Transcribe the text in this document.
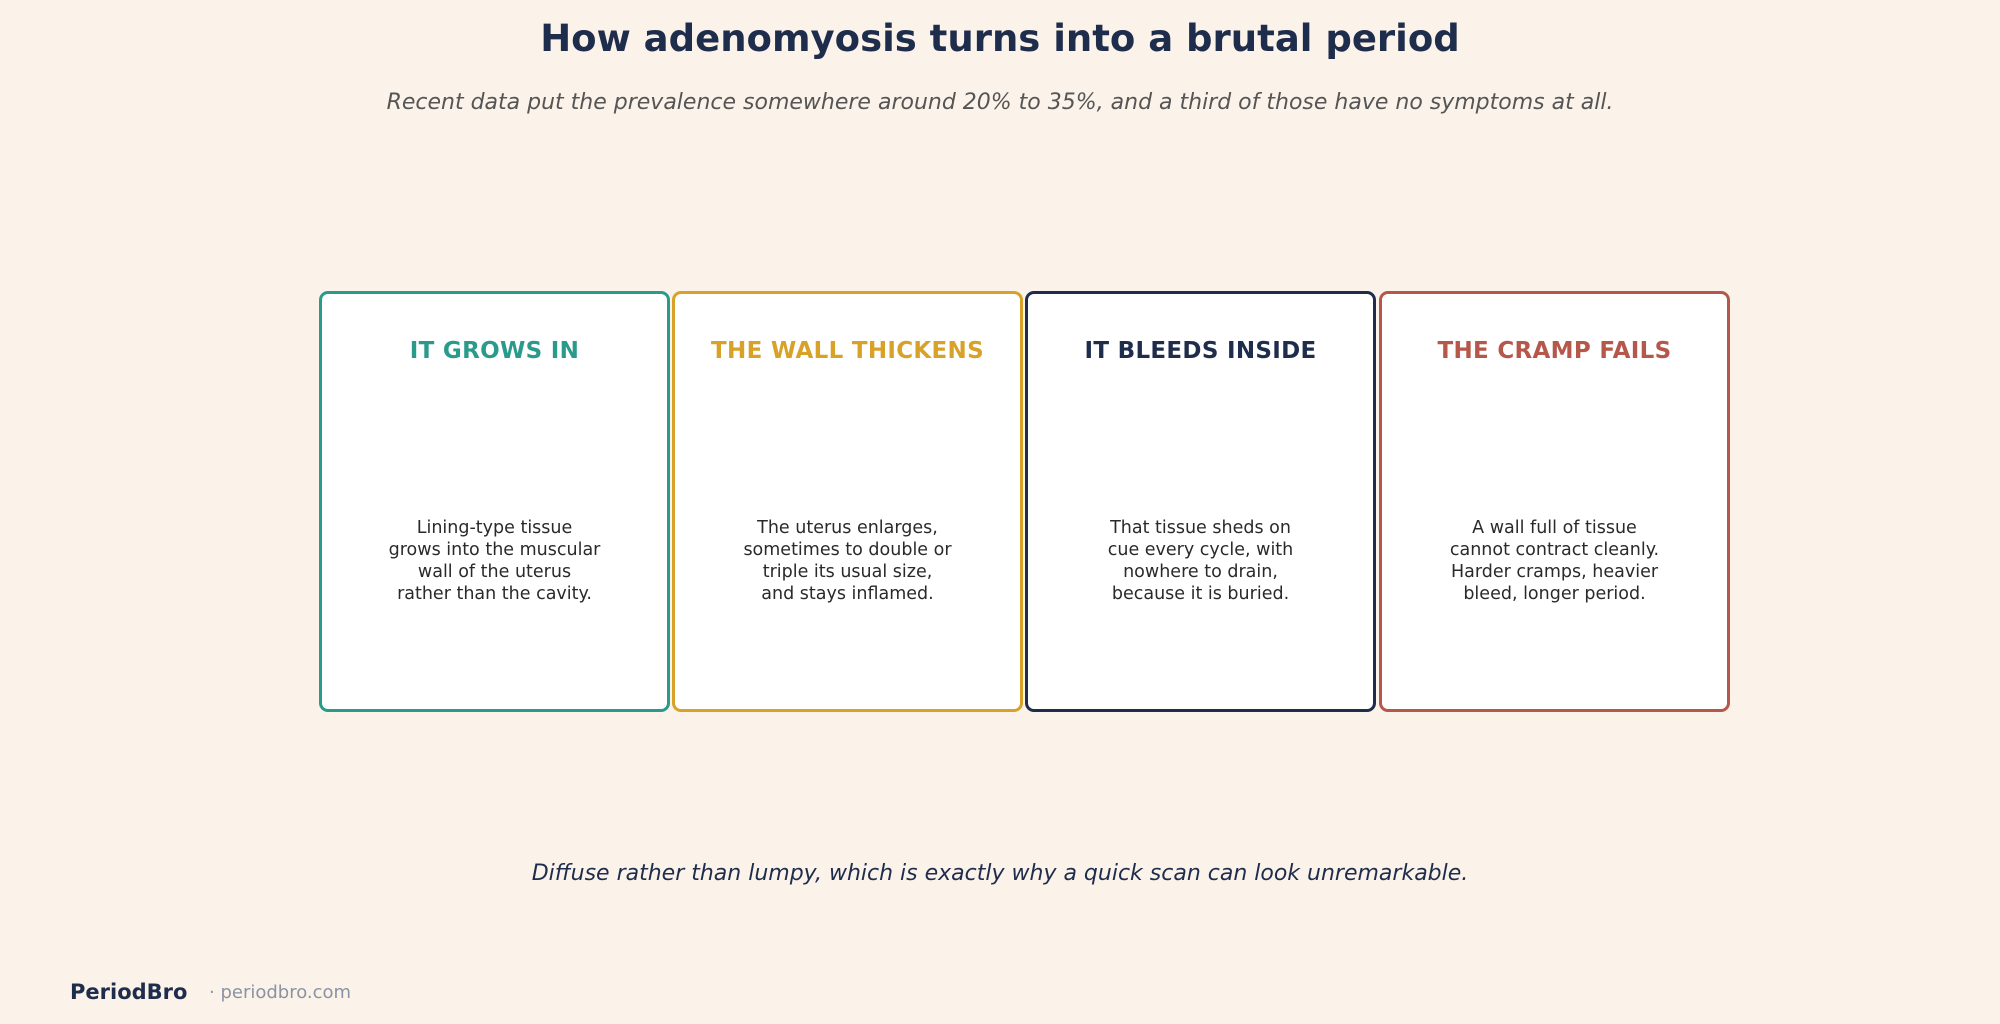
How adenomyosis turns into a brutal period

Recent data put the prevalence somewhere around 20% to 35%, and a third of those have no symptoms at all.

IT GROWS IN
Lining-type tissue
grows into the muscular
wall of the uterus
rather than the cavity.
THE WALL THICKENS
The uterus enlarges,
sometimes to double or
triple its usual size,
and stays inflamed.
IT BLEEDS INSIDE
That tissue sheds on
cue every cycle, with
nowhere to drain,
because it is buried.
THE CRAMP FAILS
A wall full of tissue
cannot contract cleanly.
Harder cramps, heavier
bleed, longer period.
Diffuse rather than lumpy, which is exactly why a quick scan can look unremarkable.
PeriodBro · periodbro.com
